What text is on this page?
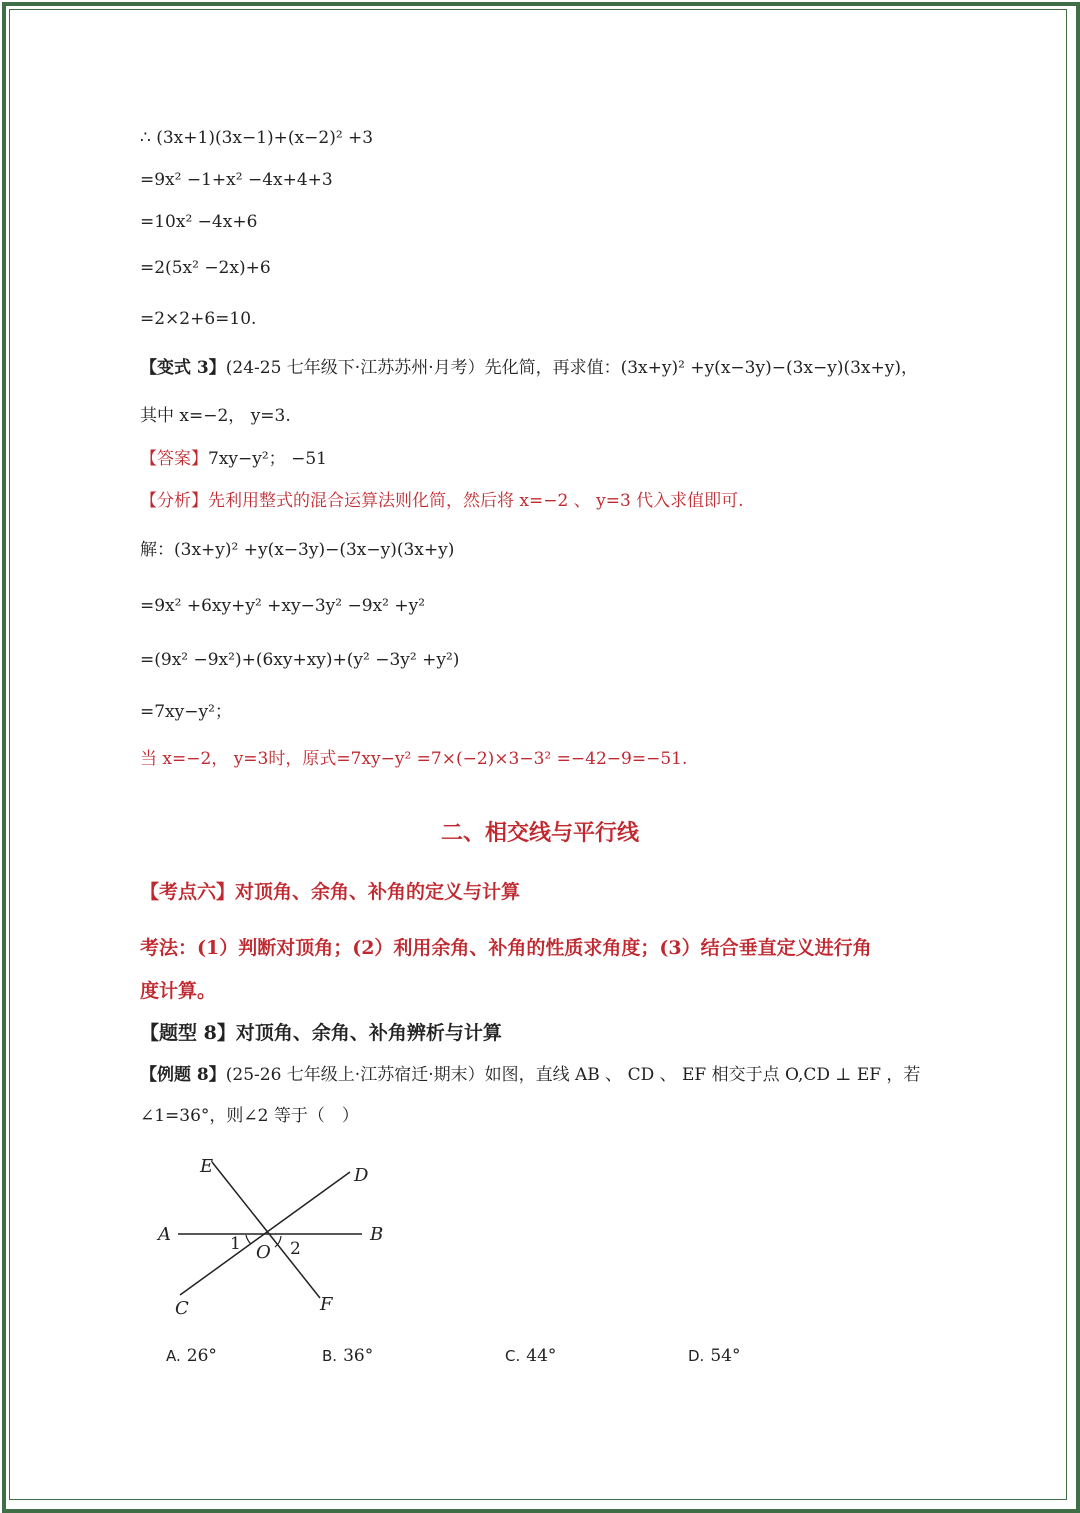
∴ (3x+1)(3x−1)+(x−2)² +3
=9x² −1+x² −4x+4+3
=10x² −4x+6
=2(5x² −2x)+6
=2×2+6=10.
【变式 3】(24-25 七年级下·江苏苏州·月考）先化简，再求值：(3x+y)² +y(x−3y)−(3x−y)(3x+y)，
其中 x=−2， y=3.
【答案】7xy−y²； −51
【分析】先利用整式的混合运算法则化简，然后将 x=−2 、 y=3 代入求值即可.
解：(3x+y)² +y(x−3y)−(3x−y)(3x+y)
=9x² +6xy+y² +xy−3y² −9x² +y²
=(9x² −9x²)+(6xy+xy)+(y² −3y² +y²)
=7xy−y²；
当 x=−2， y=3时，原式=7xy−y² =7×(−2)×3−3² =−42−9=−51.
二、相交线与平行线
【考点六】对顶角、余角、补角的定义与计算
考法：(1）判断对顶角；(2）利用余角、补角的性质求角度；(3）结合垂直定义进行角
度计算。
【题型 8】对顶角、余角、补角辨析与计算
【例题 8】(25-26 七年级上·江苏宿迁·期末）如图，直线 AB 、 CD 、 EF 相交于点 O,CD ⊥ EF ，若
∠1=36°，则∠2 等于（　）
E	D
A	B
O
1	2
C	F
A. 26°	B. 36°	C. 44°	D. 54°
